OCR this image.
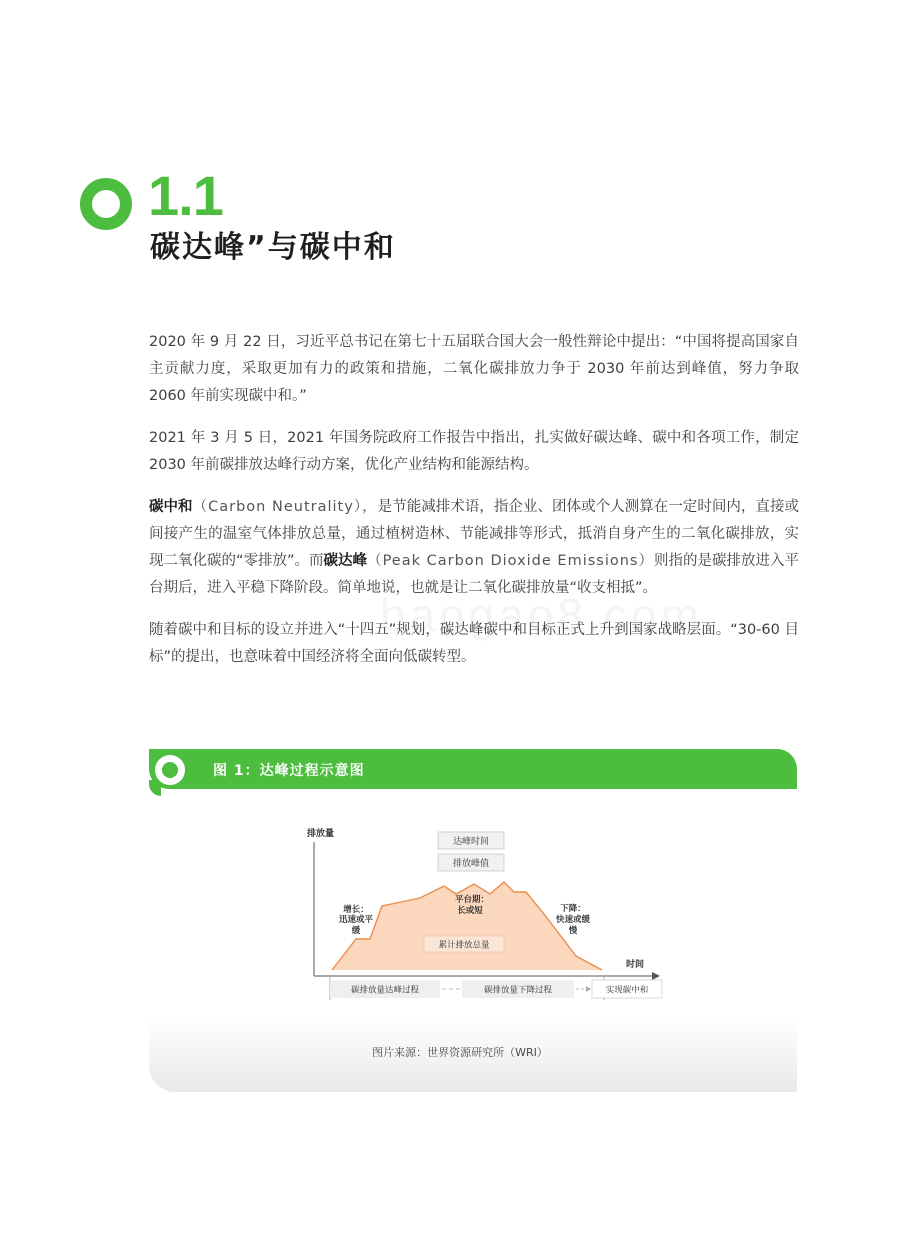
1.1
碳达峰”与碳中和

2020 年 9 月 22 日，习近平总书记在第七十五届联合国大会一般性辩论中提出：“中国将提高国家自主贡献力度，采取更加有力的政策和措施，二氧化碳排放力争于 2030 年前达到峰值，努力争取 2060 年前实现碳中和。”

2021 年 3 月 5 日，2021 年国务院政府工作报告中指出，扎实做好碳达峰、碳中和各项工作，制定 2030 年前碳排放达峰行动方案，优化产业结构和能源结构。

碳中和（Carbon Neutrality），是节能减排术语，指企业、团体或个人测算在一定时间内，直接或间接产生的温室气体排放总量，通过植树造林、节能减排等形式，抵消自身产生的二氧化碳排放，实现二氧化碳的“零排放”。而碳达峰（Peak Carbon Dioxide Emissions）则指的是碳排放进入平台期后，进入平稳下降阶段。简单地说，也就是让二氧化碳排放量“收支相抵”。

随着碳中和目标的设立并进入“十四五”规划，碳达峰碳中和目标正式上升到国家战略层面。“30-60 目标”的提出，也意味着中国经济将全面向低碳转型。

图 1：达峰过程示意图
排放量
时间
达峰时间
排放峰值
增长：
迅速或平
缓
平台期：
长或短	下降：
快速或缓
慢
累计排放总量
碳排放量达峰过程	碳排放量下降过程	实现碳中和
图片来源：世界资源研究所（WRI）
